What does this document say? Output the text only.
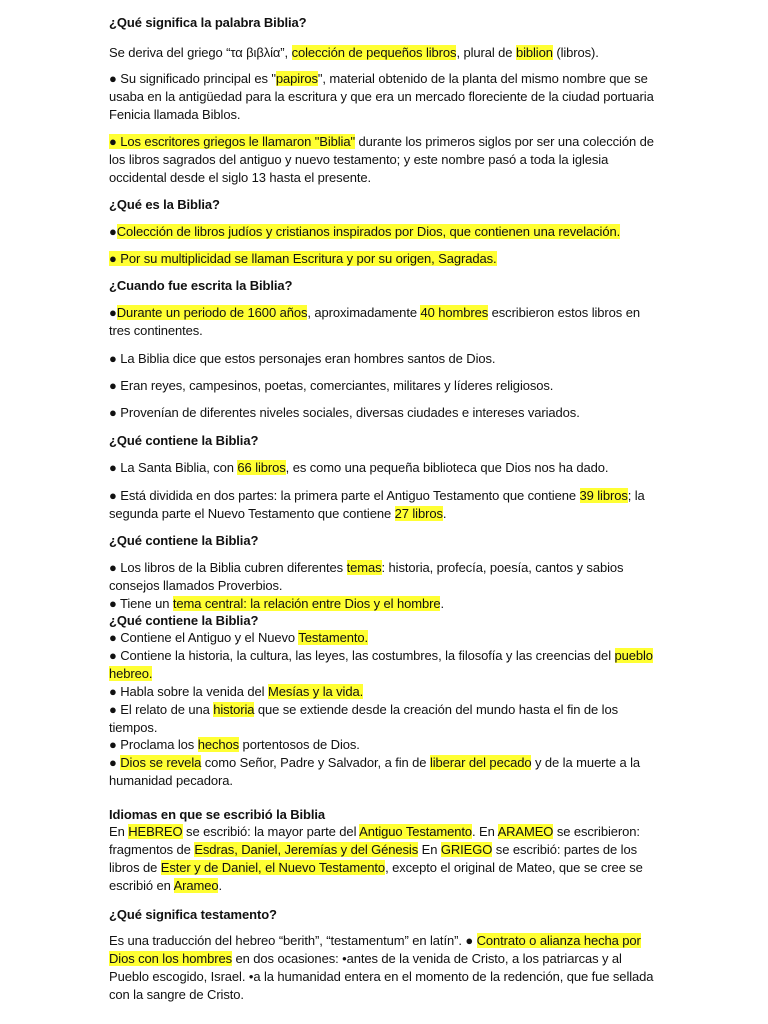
¿Qué significa la palabra Biblia?

Se deriva del griego “τα βιβλία”, colección de pequeños libros, plural de biblion (libros).

● Su significado principal es "papiros", material obtenido de la planta del mismo nombre que se usaba en la antigüedad para la escritura y que era un mercado floreciente de la ciudad portuaria Fenicia llamada Biblos.

● Los escritores griegos le llamaron "Biblia" durante los primeros siglos por ser una colección de los libros sagrados del antiguo y nuevo testamento; y este nombre pasó a toda la iglesia occidental desde el siglo 13 hasta el presente.

¿Qué es la Biblia?

●Colección de libros judíos y cristianos inspirados por Dios, que contienen una revelación.

● Por su multiplicidad se llaman Escritura y por su origen, Sagradas.

¿Cuando fue escrita la Biblia?

●Durante un periodo de 1600 años, aproximadamente 40 hombres escribieron estos libros en tres continentes.

● La Biblia dice que estos personajes eran hombres santos de Dios.

● Eran reyes, campesinos, poetas, comerciantes, militares y líderes religiosos.

● Provenían de diferentes niveles sociales, diversas ciudades e intereses variados.

¿Qué contiene la Biblia?

● La Santa Biblia, con 66 libros, es como una pequeña biblioteca que Dios nos ha dado.

● Está dividida en dos partes: la primera parte el Antiguo Testamento que contiene 39 libros; la segunda parte el Nuevo Testamento que contiene 27 libros.

¿Qué contiene la Biblia?

● Los libros de la Biblia cubren diferentes temas: historia, profecía, poesía, cantos y sabios consejos llamados Proverbios.

● Tiene un tema central: la relación entre Dios y el hombre.

¿Qué contiene la Biblia?

● Contiene el Antiguo y el Nuevo Testamento.

● Contiene la historia, la cultura, las leyes, las costumbres, la filosofía y las creencias del pueblo hebreo.

● Habla sobre la venida del Mesías y la vida.

● El relato de una historia que se extiende desde la creación del mundo hasta el fin de los tiempos.

● Proclama los hechos portentosos de Dios.

● Dios se revela como Señor, Padre y Salvador, a fin de liberar del pecado y de la muerte a la humanidad pecadora.

Idiomas en que se escribió la Biblia

En HEBREO se escribió: la mayor parte del Antiguo Testamento. En ARAMEO se escribieron: fragmentos de Esdras, Daniel, Jeremías y del Génesis En GRIEGO se escribió: partes de los libros de Ester y de Daniel, el Nuevo Testamento, excepto el original de Mateo, que se cree se escribió en Arameo.

¿Qué significa testamento?

Es una traducción del hebreo “berith”, “testamentum” en latín”. ● Contrato o alianza hecha por Dios con los hombres en dos ocasiones: •antes de la venida de Cristo, a los patriarcas y al Pueblo escogido, Israel. •a la humanidad entera en el momento de la redención, que fue sellada con la sangre de Cristo.
